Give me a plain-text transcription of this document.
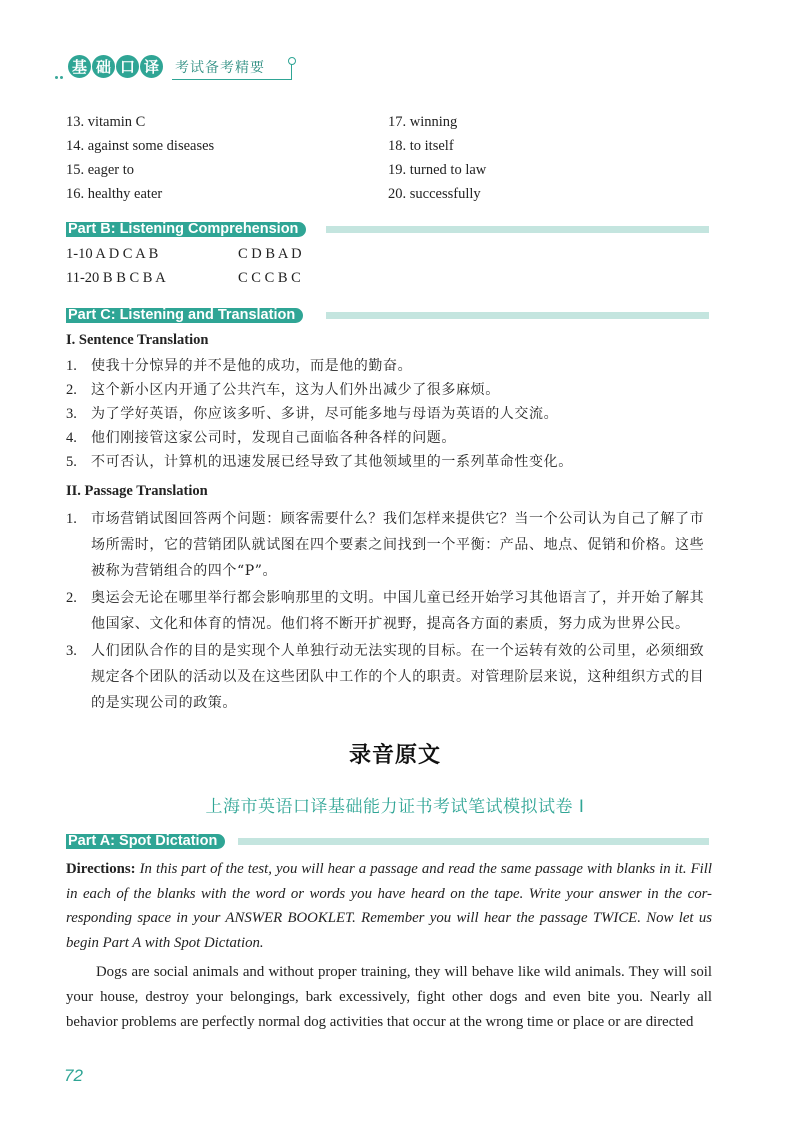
基 础 口 译	考试备考精要
13. vitamin C
14. against some diseases
15. eager to
16. healthy eater
17. winning
18. to itself
19. turned to law
20. successfully
Part B: Listening Comprehension
1-10 A D C A B	C D B A D
11-20 B B C B A	C C C B C
Part C: Listening and Translation
I. Sentence Translation
1. 使我十分惊异的并不是他的成功，而是他的勤奋。
2. 这个新小区内开通了公共汽车，这为人们外出减少了很多麻烦。
3. 为了学好英语，你应该多听、多讲，尽可能多地与母语为英语的人交流。
4. 他们刚接管这家公司时，发现自己面临各种各样的问题。
5. 不可否认，计算机的迅速发展已经导致了其他领域里的一系列革命性变化。
II. Passage Translation
1. 市场营销试图回答两个问题：顾客需要什么？我们怎样来提供它？当一个公司认为自己了解了市场所需时，它的营销团队就试图在四个要素之间找到一个平衡：产品、地点、促销和价格。这些被称为营销组合的四个“P”。
2. 奥运会无论在哪里举行都会影响那里的文明。中国儿童已经开始学习其他语言了，并开始了解其他国家、文化和体育的情况。他们将不断开扩视野，提高各方面的素质，努力成为世界公民。
3. 人们团队合作的目的是实现个人单独行动无法实现的目标。在一个运转有效的公司里，必须细致规定各个团队的活动以及在这些团队中工作的个人的职责。对管理阶层来说，这种组织方式的目的是实现公司的政策。
录音原文
上海市英语口译基础能力证书考试笔试模拟试卷 I
Part A: Spot Dictation
Directions: In this part of the test, you will hear a passage and read the same passage with blanks in it. Fill in each of the blanks with the word or words you have heard on the tape. Write your answer in the cor- responding space in your ANSWER BOOKLET. Remember you will hear the passage TWICE. Now let us begin Part A with Spot Dictation.
Dogs are social animals and without proper training, they will behave like wild animals. They will soil your house, destroy your belongings, bark excessively, fight other dogs and even bite you. Nearly all behavior problems are perfectly normal dog activities that occur at the wrong time or place or are directed
72
